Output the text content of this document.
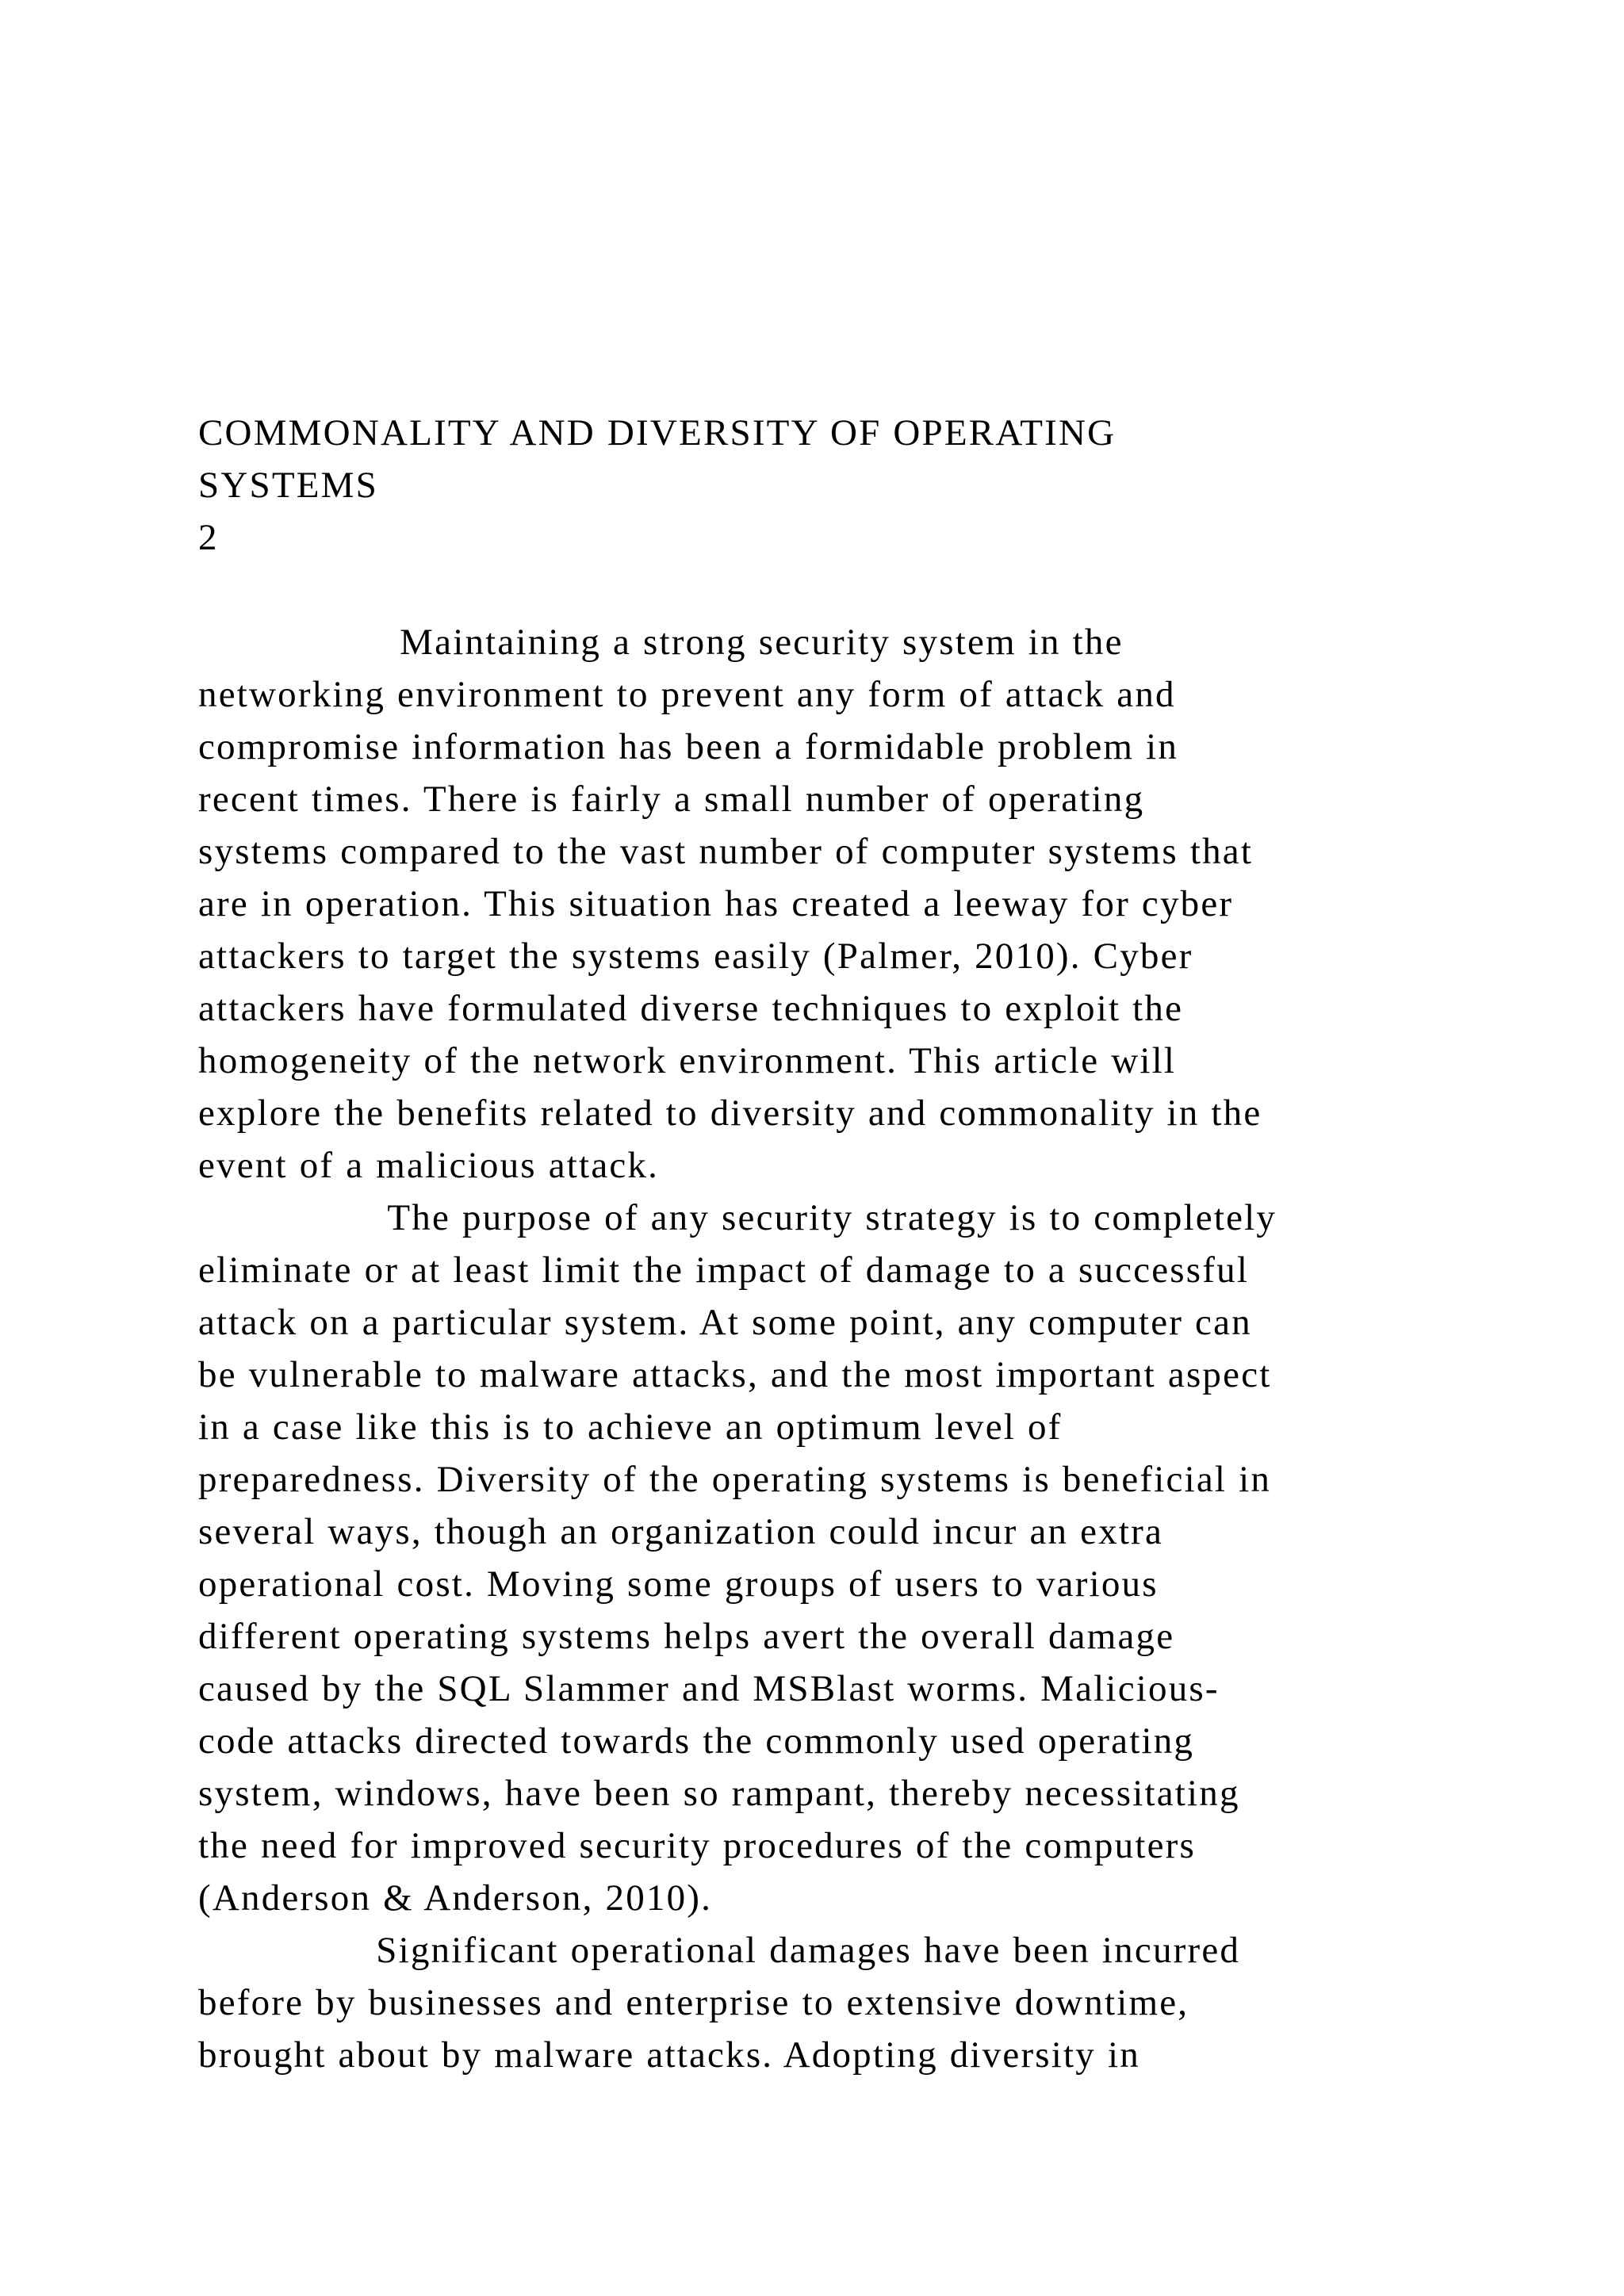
COMMONALITY AND DIVERSITY OF OPERATING
SYSTEMS
2
Maintaining a strong security system in the
networking environment to prevent any form of attack and
compromise information has been a formidable problem in
recent times. There is fairly a small number of operating
systems compared to the vast number of computer systems that
are in operation. This situation has created a leeway for cyber
attackers to target the systems easily (Palmer, 2010). Cyber
attackers have formulated diverse techniques to exploit the
homogeneity of the network environment. This article will
explore the benefits related to diversity and commonality in the
event of a malicious attack.
The purpose of any security strategy is to completely
eliminate or at least limit the impact of damage to a successful
attack on a particular system. At some point, any computer can
be vulnerable to malware attacks, and the most important aspect
in a case like this is to achieve an optimum level of
preparedness. Diversity of the operating systems is beneficial in
several ways, though an organization could incur an extra
operational cost. Moving some groups of users to various
different operating systems helps avert the overall damage
caused by the SQL Slammer and MSBlast worms. Malicious-
code attacks directed towards the commonly used operating
system, windows, have been so rampant, thereby necessitating
the need for improved security procedures of the computers
(Anderson & Anderson, 2010).
Significant operational damages have been incurred
before by businesses and enterprise to extensive downtime,
brought about by malware attacks. Adopting diversity in
